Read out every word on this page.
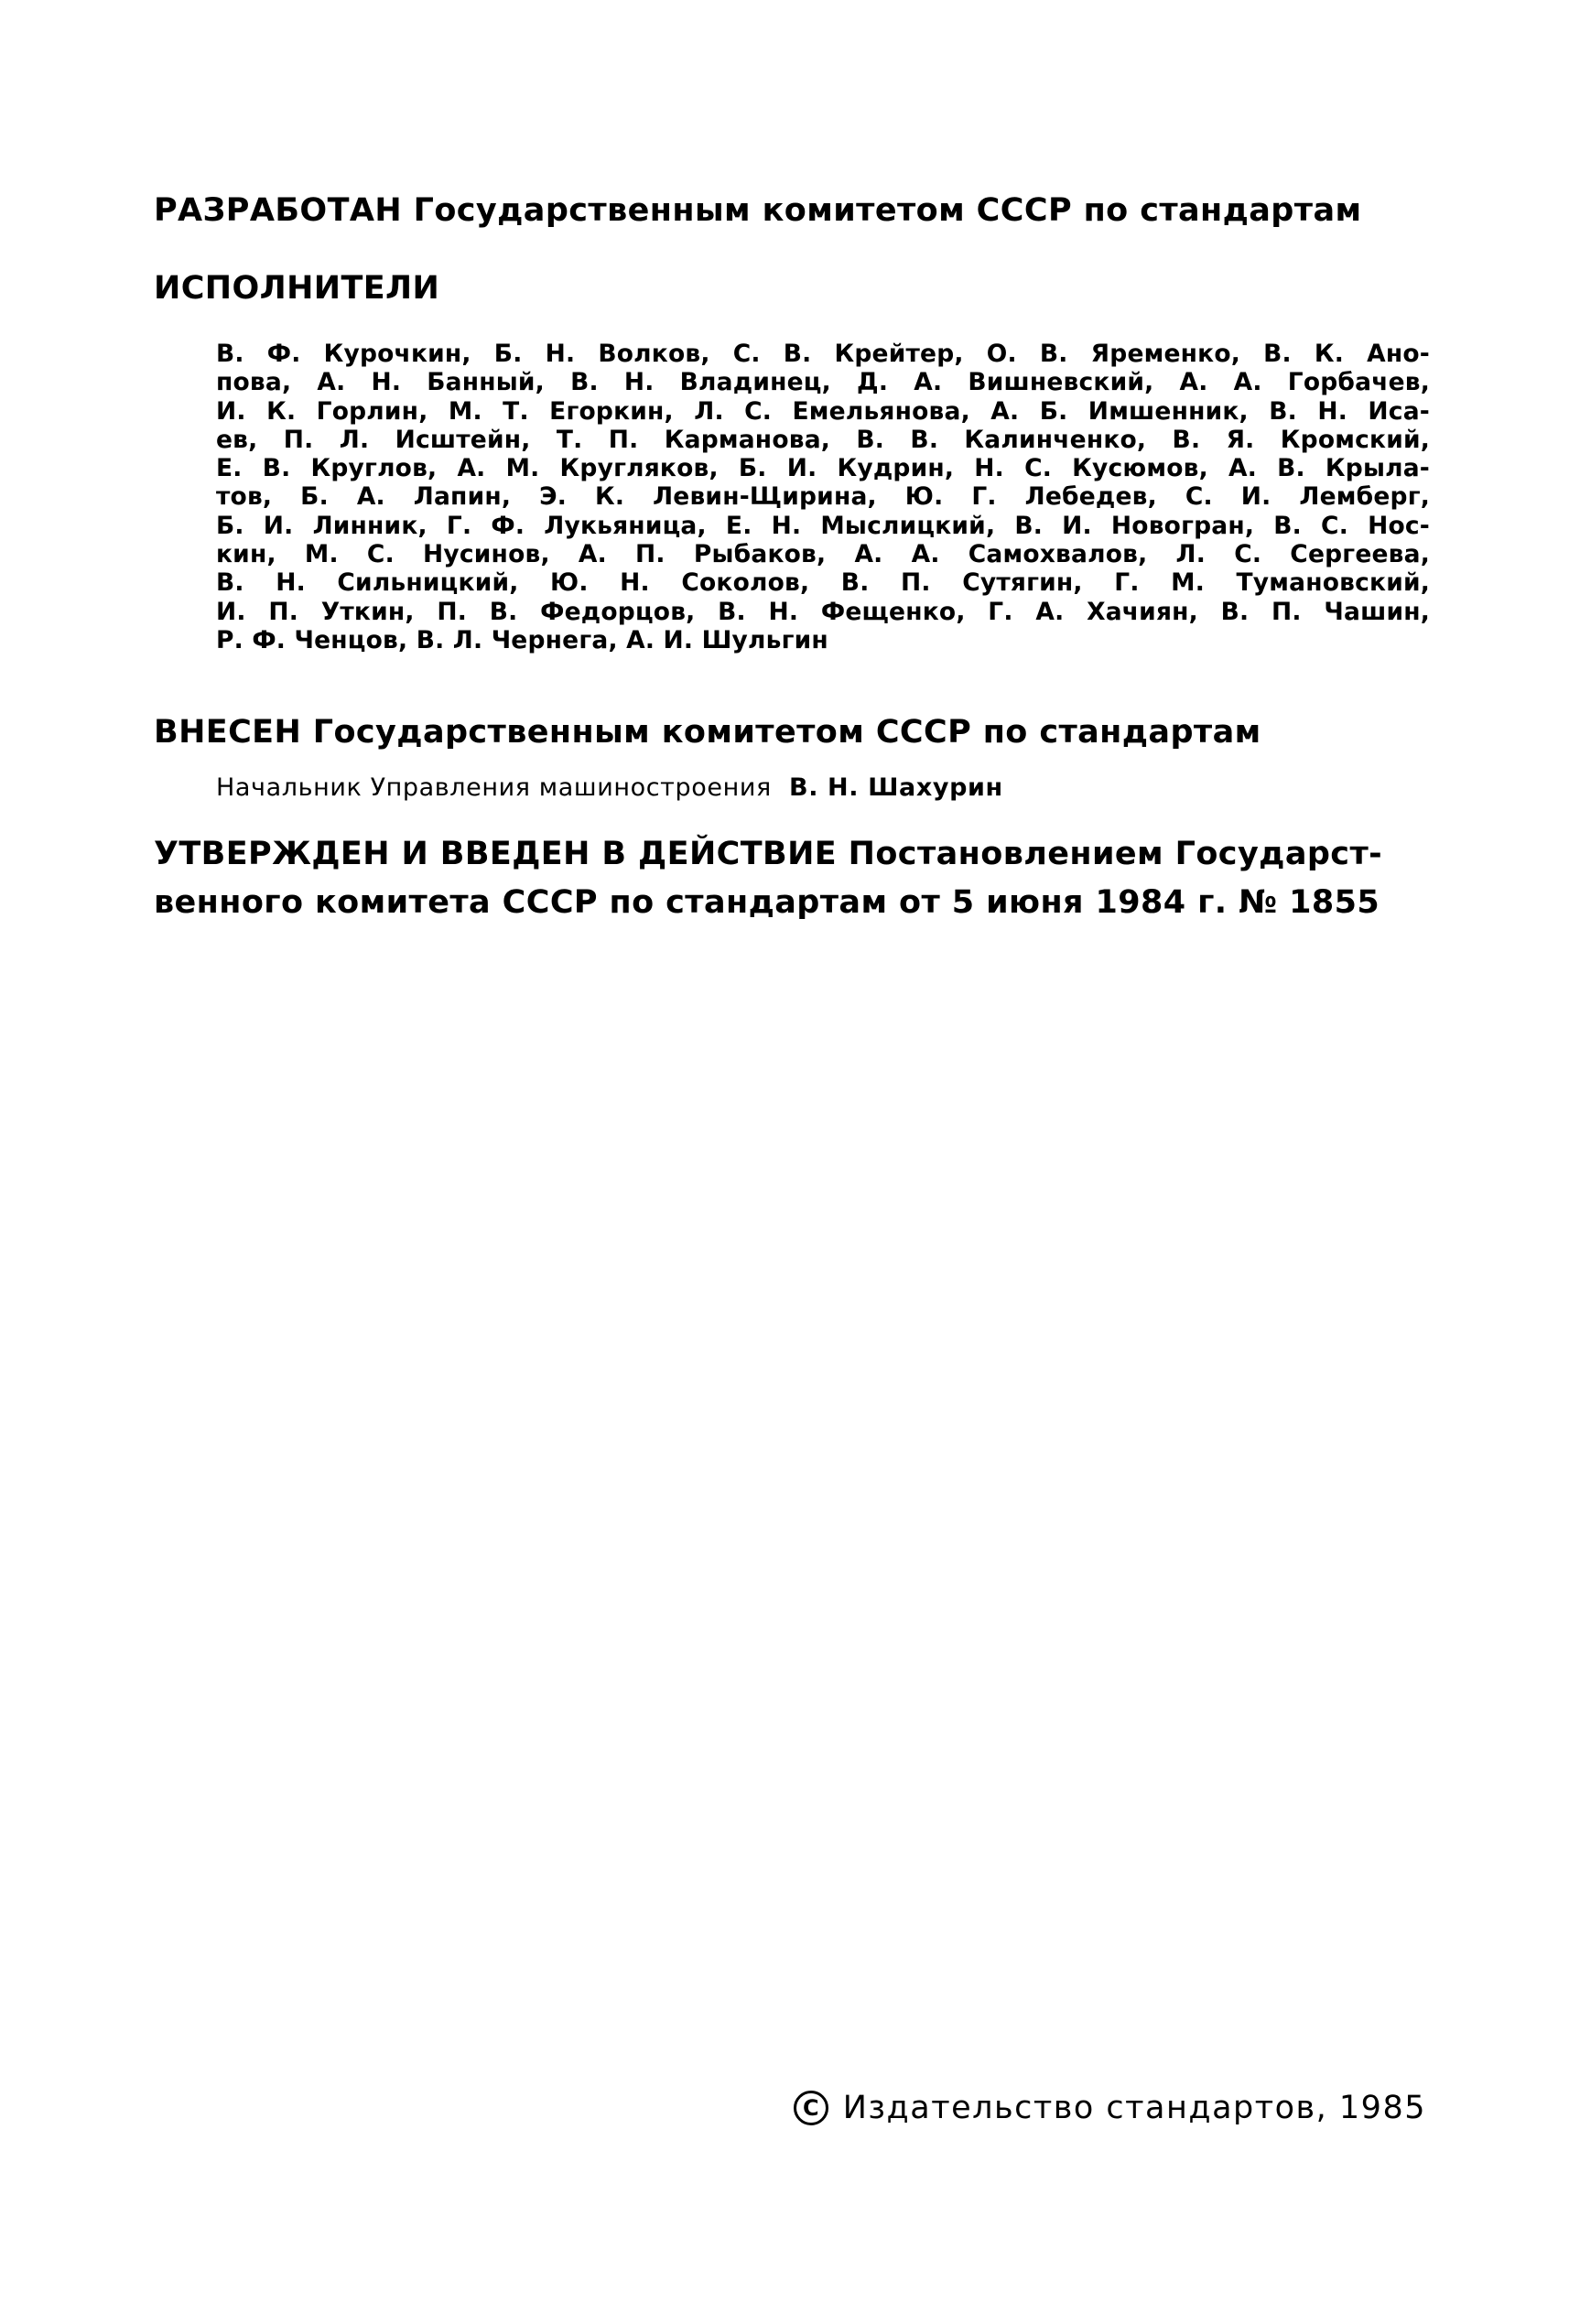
РАЗРАБОТАН Государственным комитетом СССР по стандартам
ИСПОЛНИТЕЛИ
В. Ф. Курочкин, Б. Н. Волков, С. В. Крейтер, О. В. Яременко, В. К. Ано-
пова, А. Н. Банный, В. Н. Владинец, Д. А. Вишневский, А. А. Горбачев,
И. К. Горлин, М. Т. Егоркин, Л. С. Емельянова, А. Б. Имшенник, В. Н. Иса-
ев, П. Л. Исштейн, Т. П. Карманова, В. В. Калинченко, В. Я. Кромский,
Е. В. Круглов, А. М. Кругляков, Б. И. Кудрин, Н. С. Кусюмов, А. В. Крыла-
тов, Б. А. Лапин, Э. К. Левин-Щирина, Ю. Г. Лебедев, С. И. Лемберг,
Б. И. Линник, Г. Ф. Лукьяница, Е. Н. Мыслицкий, В. И. Новогран, В. С. Нос-
кин, М. С. Нусинов, А. П. Рыбаков, А. А. Самохвалов, Л. С. Сергеева,
В. Н. Сильницкий, Ю. Н. Соколов, В. П. Сутягин, Г. М. Тумановский,
И. П. Уткин, П. В. Федорцов, В. Н. Фещенко, Г. А. Хачиян, В. П. Чашин,
Р. Ф. Ченцов, В. Л. Чернега, А. И. Шульгин
ВНЕСЕН Государственным комитетом СССР по стандартам
Начальник Управления машиностроения В. Н. Шахурин
УТВЕРЖДЕН И ВВЕДЕН В ДЕЙСТВИЕ Постановлением Государст-
венного комитета СССР по стандартам от 5 июня 1984 г. № 1855
С Издательство стандартов, 1985
